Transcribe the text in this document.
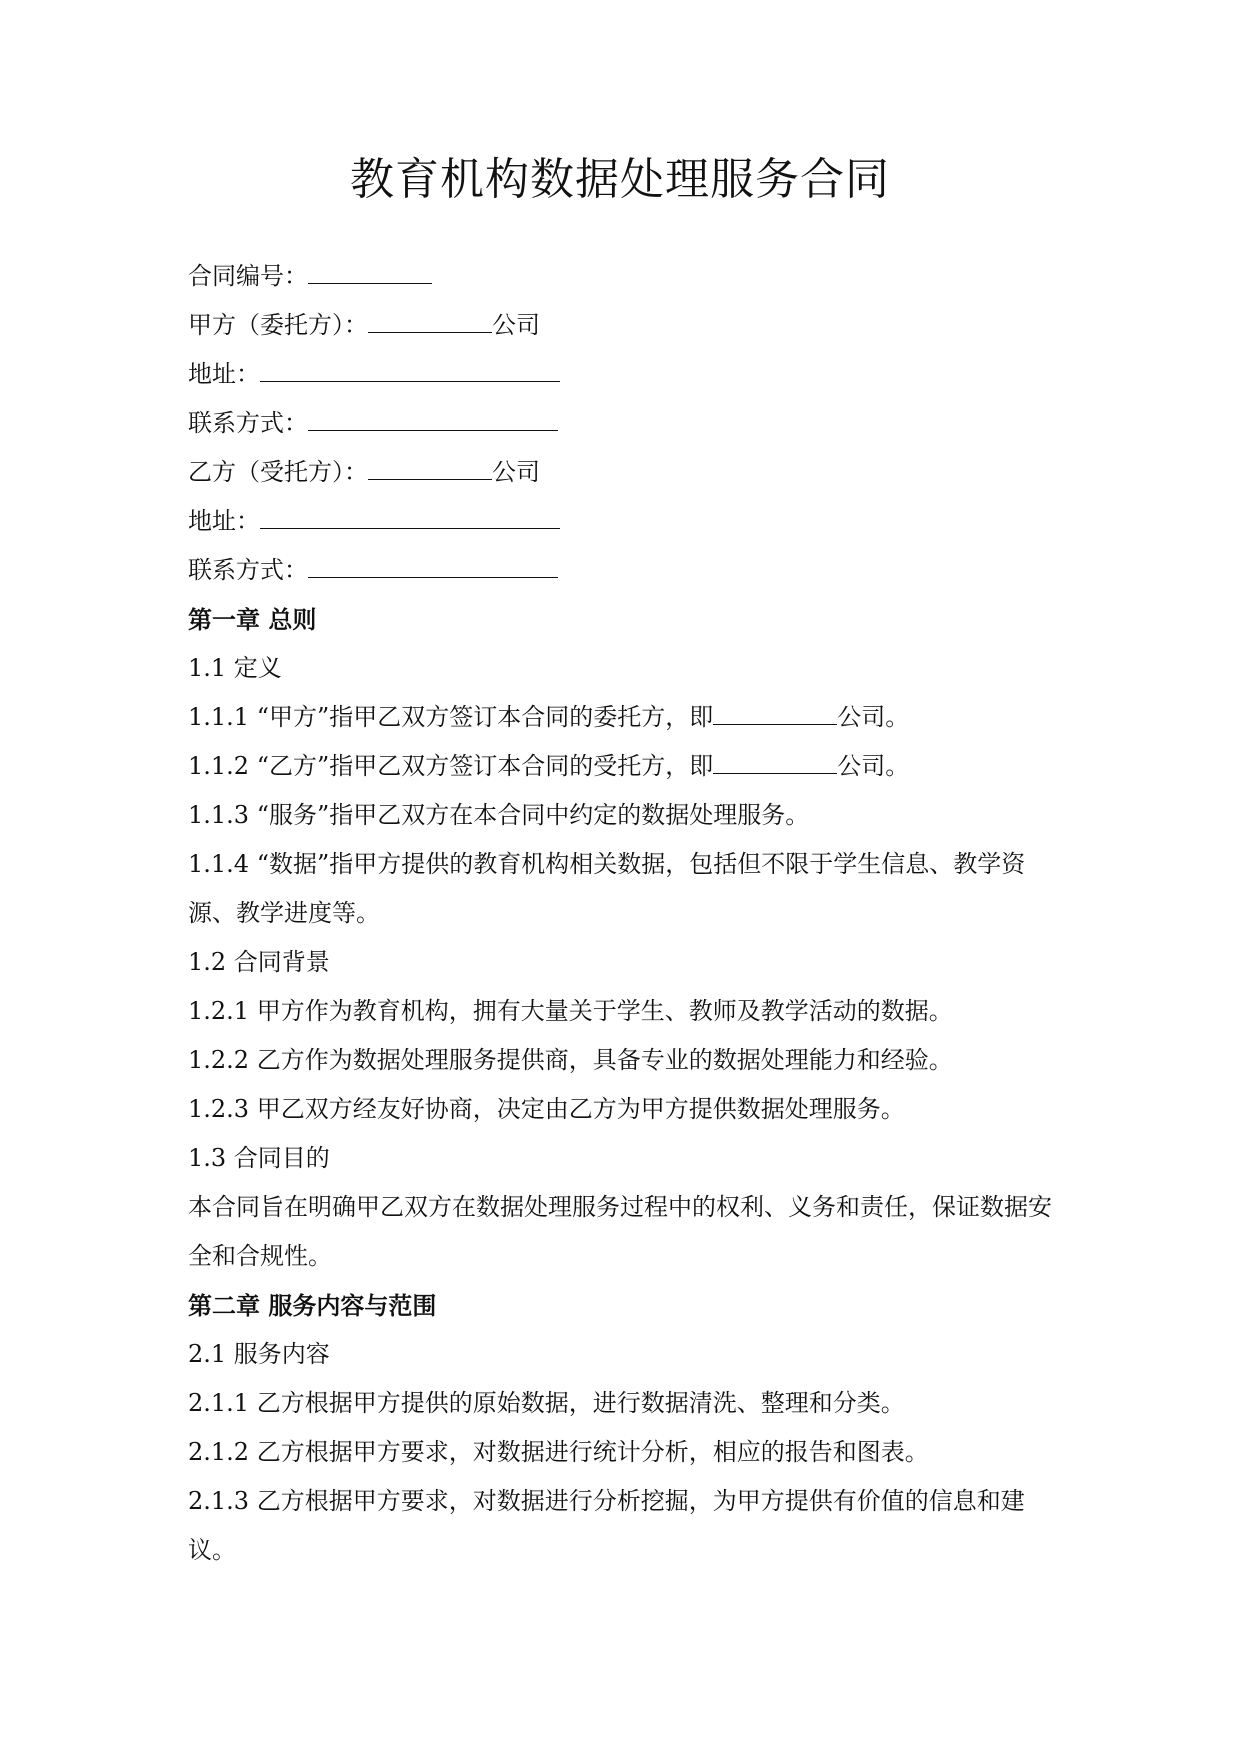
教育机构数据处理服务合同

合同编号：

甲方（委托方）：	公司

地址：

联系方式：

乙方（受托方）：	公司

地址：

联系方式：

第一章 总则

1.1 定义

1.1.1 “甲方”指甲乙双方签订本合同的委托方，即	公司。

1.1.2 “乙方”指甲乙双方签订本合同的受托方，即	公司。

1.1.3 “服务”指甲乙双方在本合同中约定的数据处理服务。

1.1.4 “数据”指甲方提供的教育机构相关数据，包括但不限于学生信息、教学资源、教学进度等。

1.2 合同背景

1.2.1 甲方作为教育机构，拥有大量关于学生、教师及教学活动的数据。

1.2.2 乙方作为数据处理服务提供商，具备专业的数据处理能力和经验。

1.2.3 甲乙双方经友好协商，决定由乙方为甲方提供数据处理服务。

1.3 合同目的

本合同旨在明确甲乙双方在数据处理服务过程中的权利、义务和责任，保证数据安全和合规性。

第二章 服务内容与范围

2.1 服务内容

2.1.1 乙方根据甲方提供的原始数据，进行数据清洗、整理和分类。

2.1.2 乙方根据甲方要求，对数据进行统计分析，相应的报告和图表。

2.1.3 乙方根据甲方要求，对数据进行分析挖掘，为甲方提供有价值的信息和建议。
